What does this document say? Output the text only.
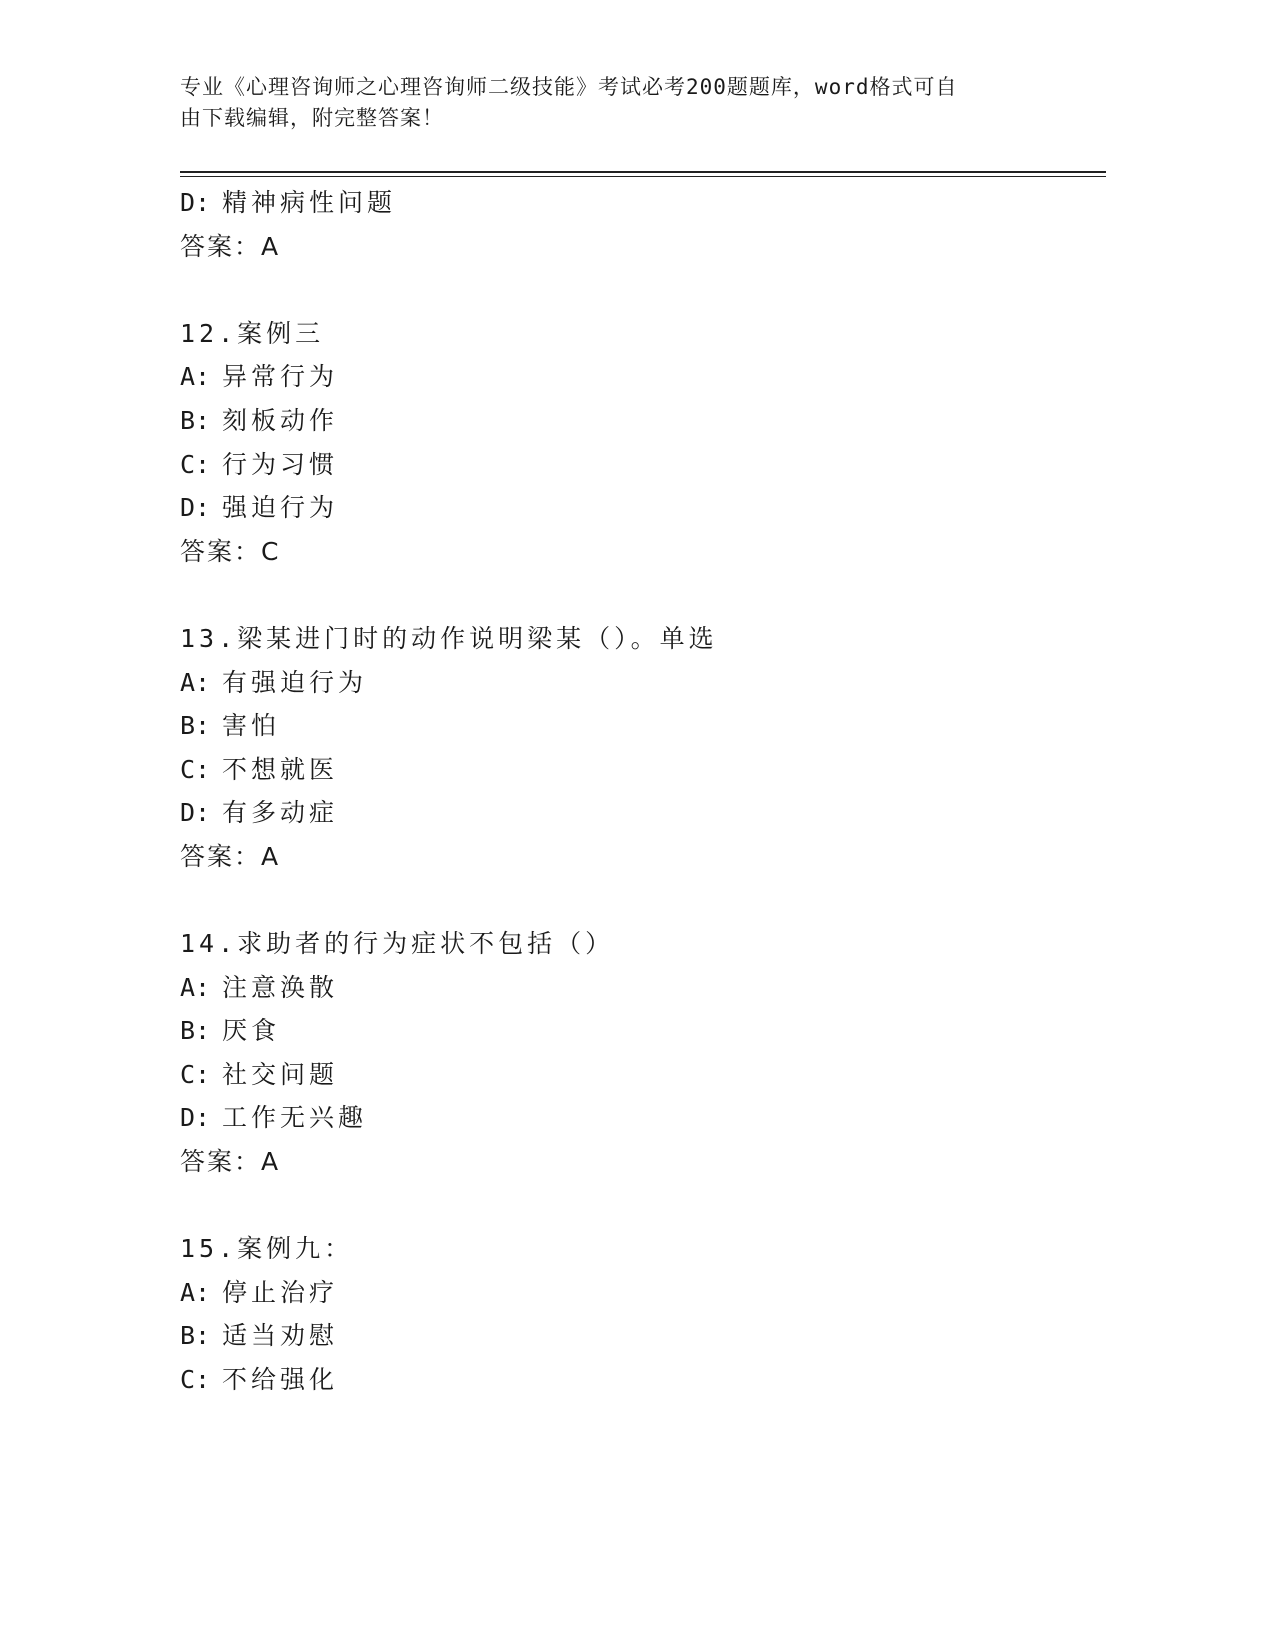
专业《心理咨询师之心理咨询师二级技能》考试必考200题题库，word格式可自
由下载编辑，附完整答案！
D: 精神病性问题
答案：A
12.案例三
A: 异常行为
B: 刻板动作
C: 行为习惯
D: 强迫行为
答案：C
13.梁某进门时的动作说明梁某（）。单选
A: 有强迫行为
B: 害怕
C: 不想就医
D: 有多动症
答案：A
14.求助者的行为症状不包括（）
A: 注意涣散
B: 厌食
C: 社交问题
D: 工作无兴趣
答案：A
15.案例九：
A: 停止治疗
B: 适当劝慰
C: 不给强化
